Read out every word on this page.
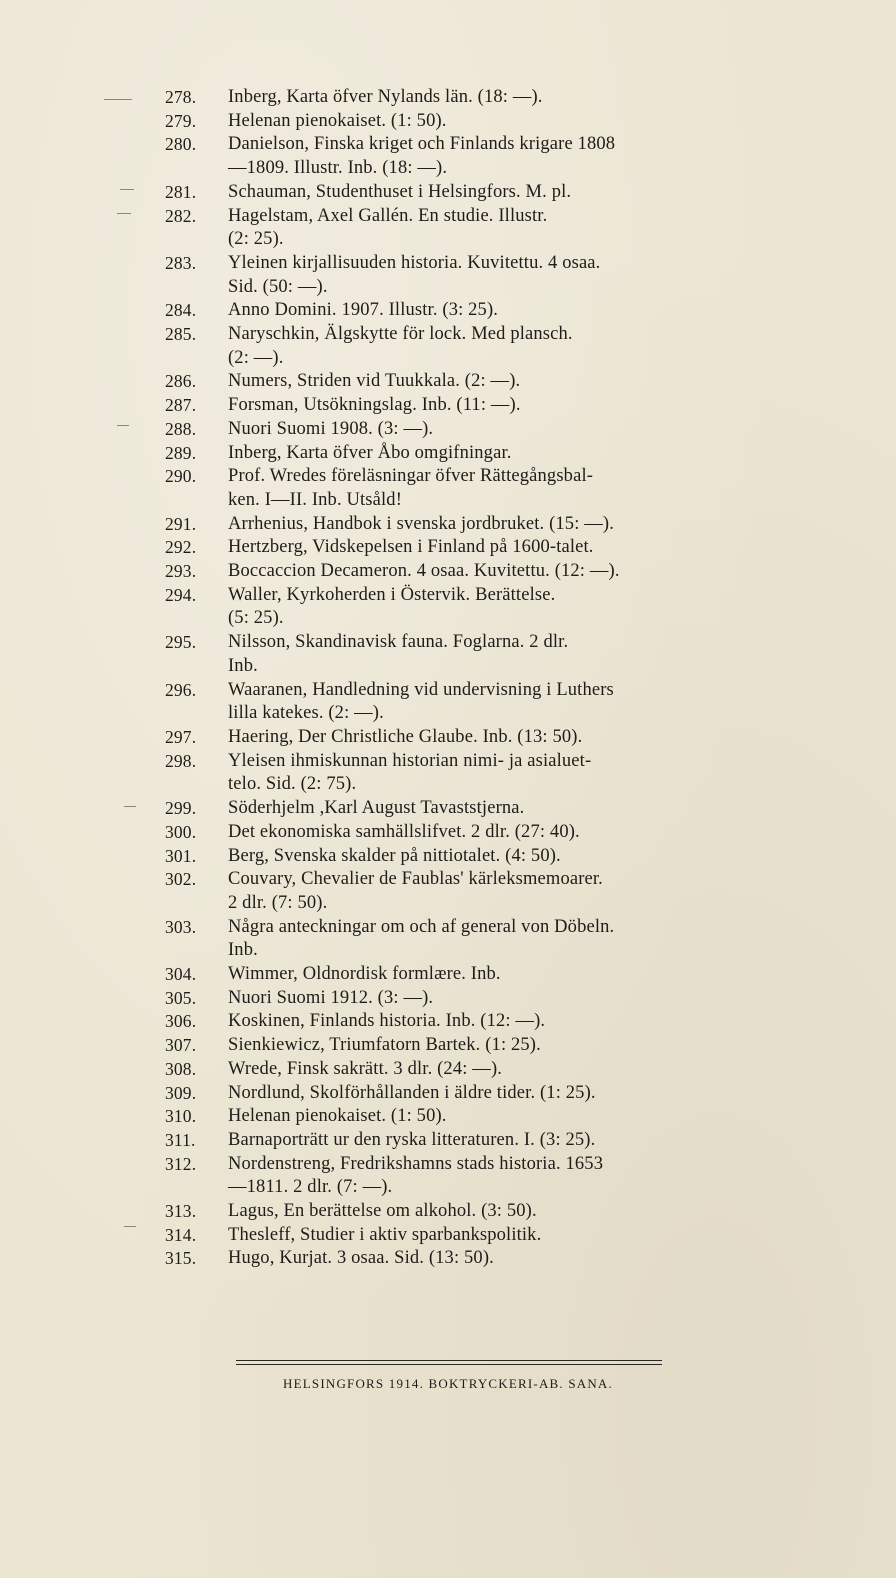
278.	Inberg, Karta öfver Nylands län. (18: —).
279.	Helenan pienokaiset. (1: 50).
280.	Danielson, Finska kriget och Finlands krigare 1808
—1809. Illustr. Inb. (18: —).
281.	Schauman, Studenthuset i Helsingfors. M. pl.
282.	Hagelstam, Axel Gallén. En studie. Illustr.
(2: 25).
283.	Yleinen kirjallisuuden historia. Kuvitettu. 4 osaa.
Sid. (50: —).
284.	Anno Domini. 1907. Illustr. (3: 25).
285.	Naryschkin, Älgskytte för lock. Med plansch.
(2: —).
286.	Numers, Striden vid Tuukkala. (2: —).
287.	Forsman, Utsökningslag. Inb. (11: —).
288.	Nuori Suomi 1908. (3: —).
289.	Inberg, Karta öfver Åbo omgifningar.
290.	Prof. Wredes föreläsningar öfver Rättegångsbal-
ken. I—II. Inb. Utsåld!
291.	Arrhenius, Handbok i svenska jordbruket. (15: —).
292.	Hertzberg, Vidskepelsen i Finland på 1600-talet.
293.	Boccaccion Decameron. 4 osaa. Kuvitettu. (12: —).
294.	Waller, Kyrkoherden i Östervik. Berättelse.
(5: 25).
295.	Nilsson, Skandinavisk fauna. Foglarna. 2 dlr.
Inb.
296.	Waaranen, Handledning vid undervisning i Luthers
lilla katekes. (2: —).
297.	Haering, Der Christliche Glaube. Inb. (13: 50).
298.	Yleisen ihmiskunnan historian nimi- ja asialuet-
telo. Sid. (2: 75).
299.	Söderhjelm ,Karl August Tavaststjerna.
300.	Det ekonomiska samhällslifvet. 2 dlr. (27: 40).
301.	Berg, Svenska skalder på nittiotalet. (4: 50).
302.	Couvary, Chevalier de Faublas' kärleksmemoarer.
2 dlr. (7: 50).
303.	Några anteckningar om och af general von Döbeln.
Inb.
304.	Wimmer, Oldnordisk formlære. Inb.
305.	Nuori Suomi 1912. (3: —).
306.	Koskinen, Finlands historia. Inb. (12: —).
307.	Sienkiewicz, Triumfatorn Bartek. (1: 25).
308.	Wrede, Finsk sakrätt. 3 dlr. (24: —).
309.	Nordlund, Skolförhållanden i äldre tider. (1: 25).
310.	Helenan pienokaiset. (1: 50).
311.	Barnaporträtt ur den ryska litteraturen. I. (3: 25).
312.	Nordenstreng, Fredrikshamns stads historia. 1653
—1811. 2 dlr. (7: —).
313.	Lagus, En berättelse om alkohol. (3: 50).
314.	Thesleff, Studier i aktiv sparbankspolitik.
315.	Hugo, Kurjat. 3 osaa. Sid. (13: 50).
HELSINGFORS 1914. BOKTRYCKERI-AB. SANA.
